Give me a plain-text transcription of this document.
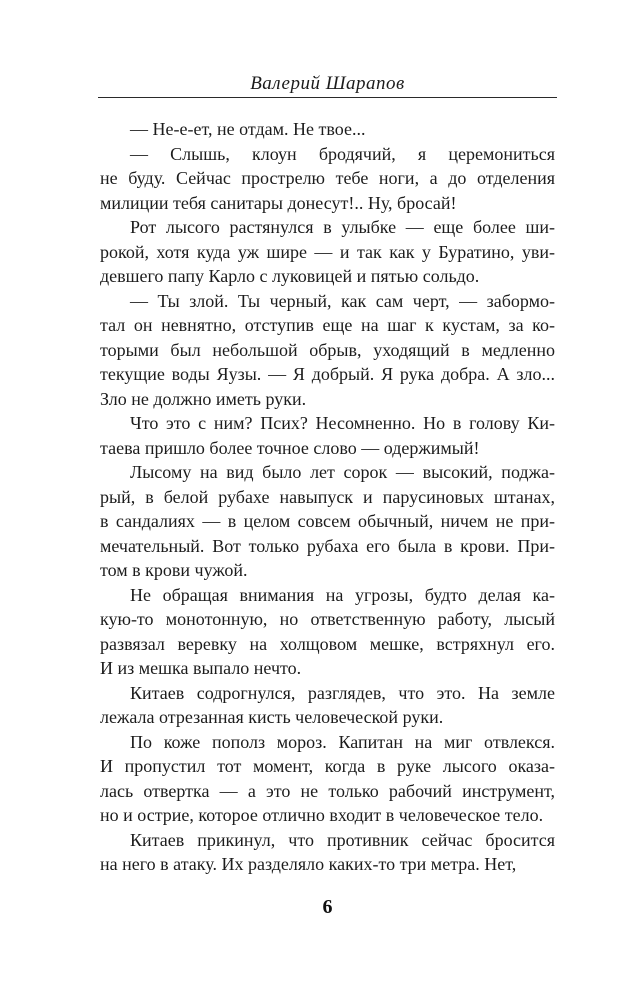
Валерий Шарапов
— Не-е-ет, не отдам. Не твое...
— Слышь, клоун бродячий, я церемониться
не буду. Сейчас прострелю тебе ноги, а до отделения
милиции тебя санитары донесут!.. Ну, бросай!
Рот лысого растянулся в улыбке — еще более ши-
рокой, хотя куда уж шире — и так как у Буратино, уви-
девшего папу Карло с луковицей и пятью сольдо.
— Ты злой. Ты черный, как сам черт, — забормо-
тал он невнятно, отступив еще на шаг к кустам, за ко-
торыми был небольшой обрыв, уходящий в медленно
текущие воды Яузы. — Я добрый. Я рука добра. А зло...
Зло не должно иметь руки.
Что это с ним? Псих? Несомненно. Но в голову Ки-
таева пришло более точное слово — одержимый!
Лысому на вид было лет сорок — высокий, поджа-
рый, в белой рубахе навыпуск и парусиновых штанах,
в сандалиях — в целом совсем обычный, ничем не при-
мечательный. Вот только рубаха его была в крови. При-
том в крови чужой.
Не обращая внимания на угрозы, будто делая ка-
кую-то монотонную, но ответственную работу, лысый
развязал веревку на холщовом мешке, встряхнул его.
И из мешка выпало нечто.
Китаев содрогнулся, разглядев, что это. На земле
лежала отрезанная кисть человеческой руки.
По коже пополз мороз. Капитан на миг отвлекся.
И пропустил тот момент, когда в руке лысого оказа-
лась отвертка — а это не только рабочий инструмент,
но и острие, которое отлично входит в человеческое тело.
Китаев прикинул, что противник сейчас бросится
на него в атаку. Их разделяло каких-то три метра. Нет,
6
